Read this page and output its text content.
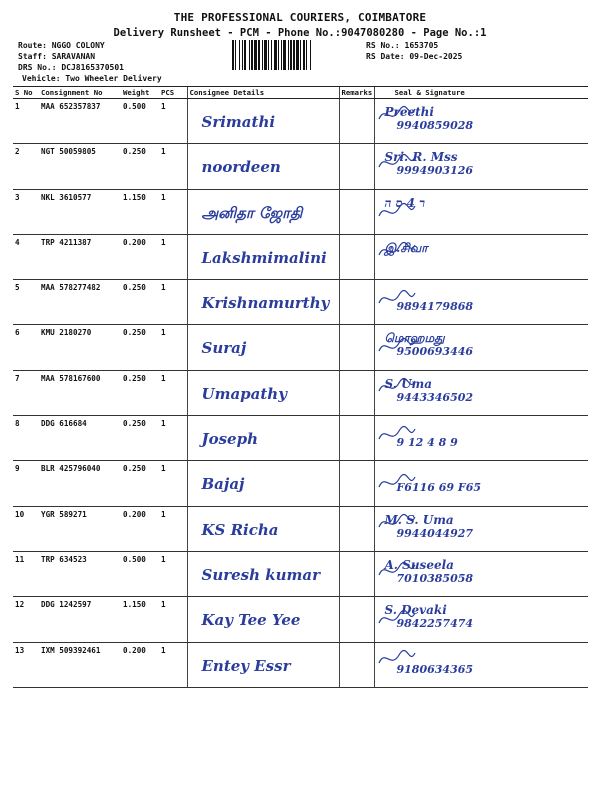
THE PROFESSIONAL COURIERS, COIMBATORE
Delivery Runsheet - PCM - Phone No.:9047080280 - Page No.:1
Route: NGGO COLONY
Staff: SARAVANAN
DRS No.: DCJ8165370501
Vehicle: Two Wheeler Delivery
RS No.: 1653705
RS Date: 09-Dec-2025
S No	Consignment No	Weight	PCS	Consignee Details	Remarks	Seal & Signature
1	MAA 652357837	0.500	1	Srimathi		Preethi
9940859028

2	NGT 50059805	0.250	1	noordeen		Sri. R. Mss
9994903126

3	NKL 3610577	1.150	1	அனிதா ஜோதி		ר 4 ס ה

4	TRP 4211387	0.200	1	Lakshmimalini		இ.சிவா

5	MAA 578277482	0.250	1	Krishnamurthy		9894179868

6	KMU 2180270	0.250	1	Suraj		மொஹமது
9500693446

7	MAA 578167600	0.250	1	Umapathy		S. Uma
9443346502

8	DDG 616684	0.250	1	Joseph		9 12 4 8 9

9	BLR 425796040	0.250	1	Bajaj		F6116 69 F65

10	YGR 589271	0.200	1	KS Richa		M. S. Uma
9944044927

11	TRP 634523	0.500	1	Suresh kumar		A. Suseela
7010385058

12	DDG 1242597	1.150	1	Kay Tee Yee		S. Devaki
9842257474

13	IXM 509392461	0.200	1	Entey Essr		9180634365
